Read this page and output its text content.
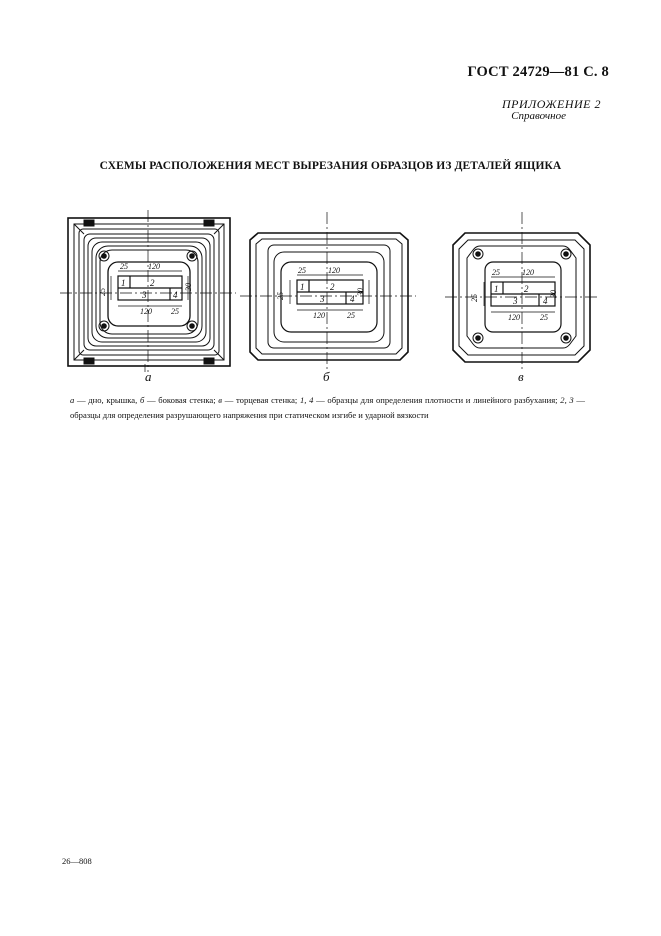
ГОСТ 24729—81 С. 8
ПРИЛОЖЕНИЕ 2
Справочное
СХЕМЫ РАСПОЛОЖЕНИЯ МЕСТ ВЫРЕЗАНИЯ ОБРАЗЦОВ ИЗ ДЕТАЛЕЙ ЯЩИКА
25	120
1	2
3	4
25
30
120 25
а
25	120
1	2
3	4
25	30
120	25
б
25	120
1	2
3	4
25	30
120	25
в
а — дно, крышка, б — боковая стенка; в — торцевая стенка; 1, 4 — образцы для определения плотности и линейного разбухания; 2, 3 — образцы для определения разрушающего напряжения при статическом изгибе и ударной вязкости
26—808
